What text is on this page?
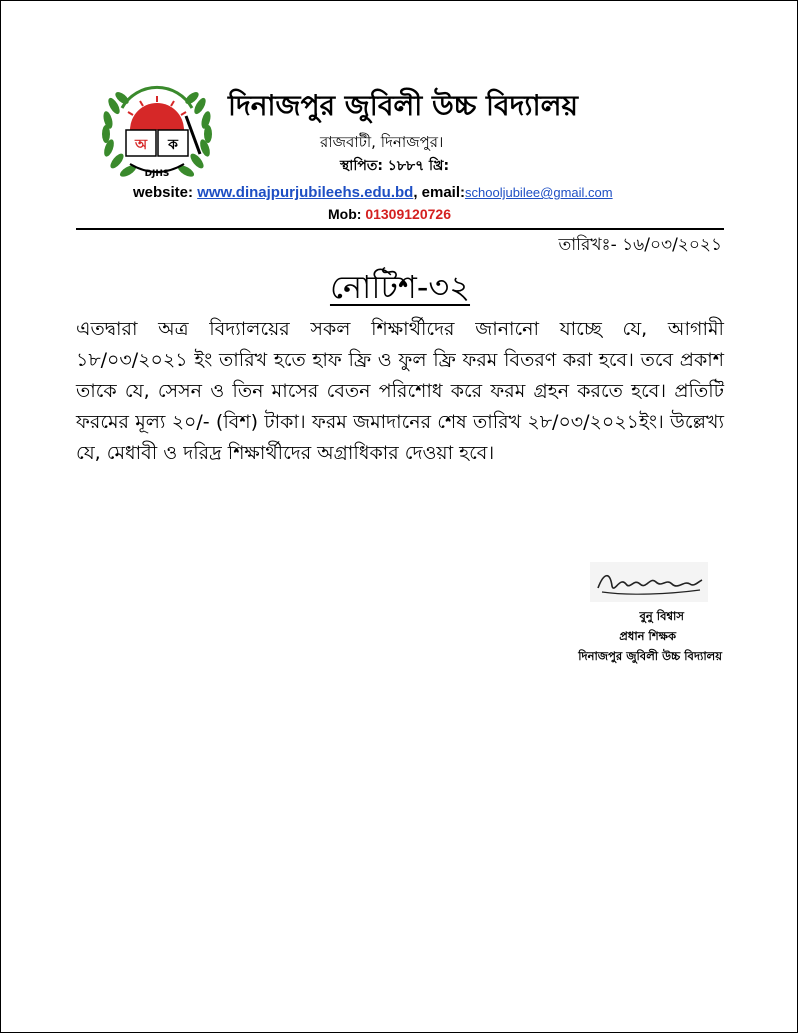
অ ক
DJHS
দিনাজপুর জুবিলী উচ্চ বিদ্যালয়
রাজবাটী, দিনাজপুর।
স্থাপিত: ১৮৮৭ খ্রি:
website: www.dinajpurjubileehs.edu.bd, email:schooljubilee@gmail.com
Mob: 01309120726
তারিখঃ- ১৬/০৩/২০২১
নোটিশ-৩২

এতদ্বারা অত্র বিদ্যালয়ের সকল শিক্ষার্থীদের জানানো যাচ্ছে যে, আগামী ১৮/০৩/২০২১ ইং তারিখ হতে হাফ ফ্রি ও ফুল ফ্রি ফরম বিতরণ করা হবে। তবে প্রকাশ তাকে যে, সেসন ও তিন মাসের বেতন পরিশোধ করে ফরম গ্রহন করতে হবে। প্রতিটি ফরমের মূল্য ২০/- (বিশ) টাকা। ফরম জমাদানের শেষ তারিখ ২৮/০৩/২০২১ইং। উল্লেখ্য যে, মেধাবী ও দরিদ্র শিক্ষার্থীদের অগ্রাধিকার দেওয়া হবে।

বুনু বিশ্বাস
প্রধান শিক্ষক
দিনাজপুর জুবিলী উচ্চ বিদ্যালয়
